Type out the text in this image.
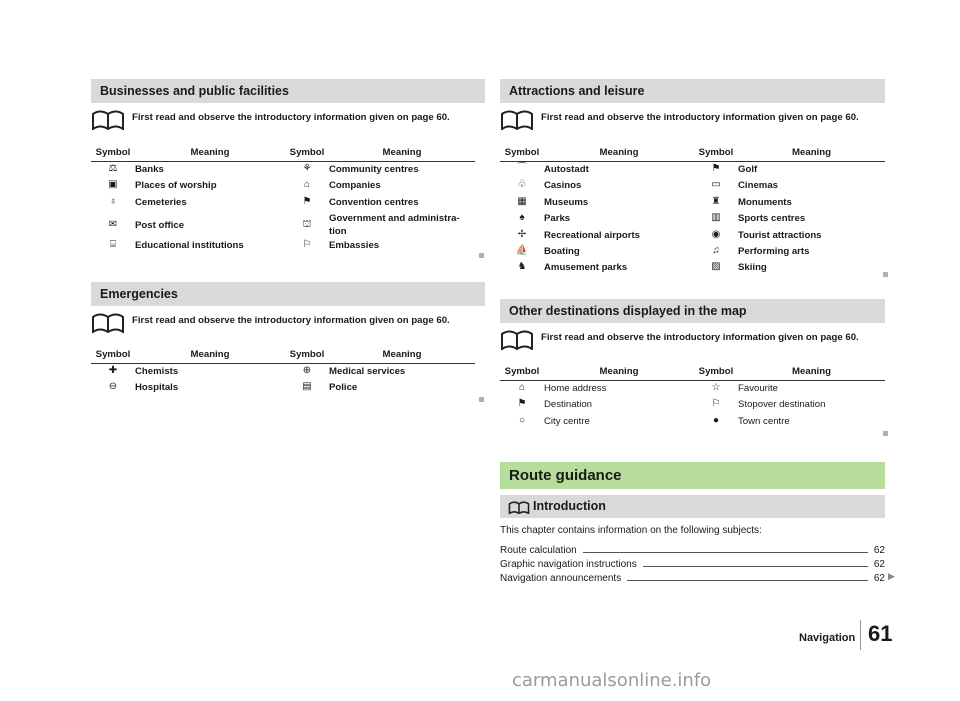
Businesses and public facilities
First read and observe the introductory information given on page 60.
Symbol	Meaning	Symbol	Meaning
⚖	Banks	⚘	Community centres
▣	Places of worship	⌂	Companies
♁	Cemeteries	⚑	Convention centres
✉	Post office	⛫	Government and administra-tion
⌸	Educational institutions	⚐	Embassies
Emergencies
First read and observe the introductory information given on page 60.
Symbol	Meaning	Symbol	Meaning
✚	Chemists	⊕	Medical services
⊖	Hospitals	▤	Police
Attractions and leisure
First read and observe the introductory information given on page 60.
Symbol	Meaning	Symbol	Meaning
⌒	Autostadt	⚑	Golf
♧	Casinos	▭	Cinemas
▦	Museums	♜	Monuments
♠	Parks	▥	Sports centres
✢	Recreational airports	◉	Tourist attractions
⛵	Boating	♫	Performing arts
♞	Amusement parks	▨	Skiing
Other destinations displayed in the map
First read and observe the introductory information given on page 60.
Symbol	Meaning	Symbol	Meaning
⌂	Home address	☆	Favourite
⚑	Destination	⚐	Stopover destination
○	City centre	●	Town centre
Route guidance
Introduction
This chapter contains information on the following subjects:
Route calculation	62
Graphic navigation instructions	62
Navigation announcements	62 ▶
Navigation 61
carmanualsonline.info
